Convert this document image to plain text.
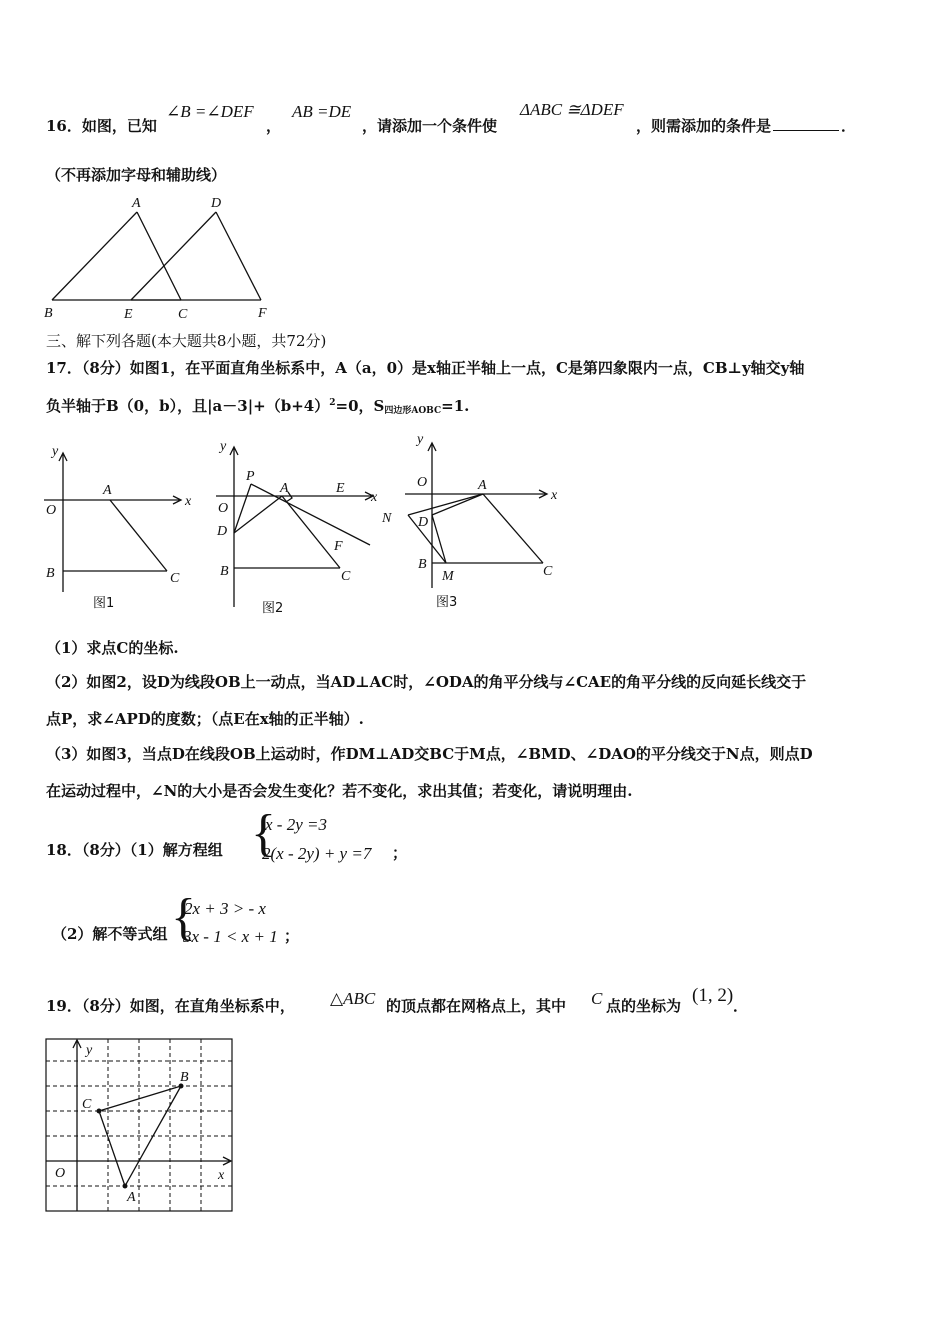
16．如图，已知
∠B =∠DEF
，
AB =DE
，请添加一个条件使
ΔABC ≅ΔDEF
，则需添加的条件是	．
（不再添加字母和辅助线）
A
B	C
D
E	F
x
y
O
A
B	C
图1
x
y
O
D
P
A	E
F
B	C
图2
x
y
O	A
N D
B
M	C
图3
y
x
O
C
B
A
三、解下列各题(本大题共8小题，共72分)
17．（8分）如图1，在平面直角坐标系中，A（a，0）是x轴正半轴上一点，C是第四象限内一点，CB⊥y轴交y轴
负半轴于B（0，b），且$|a-3|+(b+4)^2=0$，$S_{四边形AOBC}=1$.
（1）求点C的坐标.
（2）如图2，设D为线段OB上一动点，当AD⊥AC时，∠ODA的角平分线与∠CAE的角平分线的反向延长线交于
点P，求∠APD的度数；（点E在x轴的正半轴）.
（3）如图3，当点D在线段OB上运动时，作DM⊥AD交BC于M点，∠BMD、∠DAO的平分线交于N点，则点D
在运动过程中，∠N的大小是否会发生变化？若不变化，求出其值；若变化，请说明理由.
18．（8分）（1）解方程组 {
x - 2y =3
2(x - 2y) + y =7 ；
（2）解不等式组 {
2x + 3 > - x
3x - 1 < x + 1 ；
19．（8分）如图，在直角坐标系中， △ABC 的顶点都在网格点上，其中 C 点的坐标为 (1, 2) ．
